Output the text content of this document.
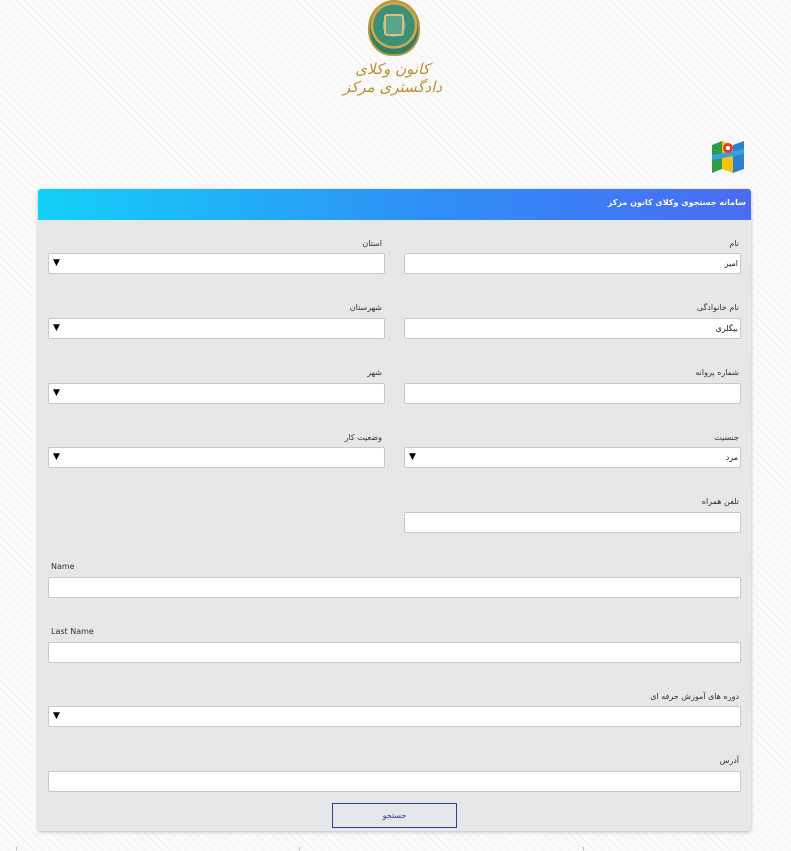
کانون وکلای دادگستری مرکز
سامانه جستجوی وکلای کانون مرکز
نام
امیر
استان
▼
نام خانوادگی
بیگلری
شهرستان
▼
شماره پروانه
شهر
▼
جنسیت
▼	مرد
وضعیت کار
▼
تلفن همراه
Name
Last Name
دوره های آموزش حرفه ای
▼
آدرس
جستجو
